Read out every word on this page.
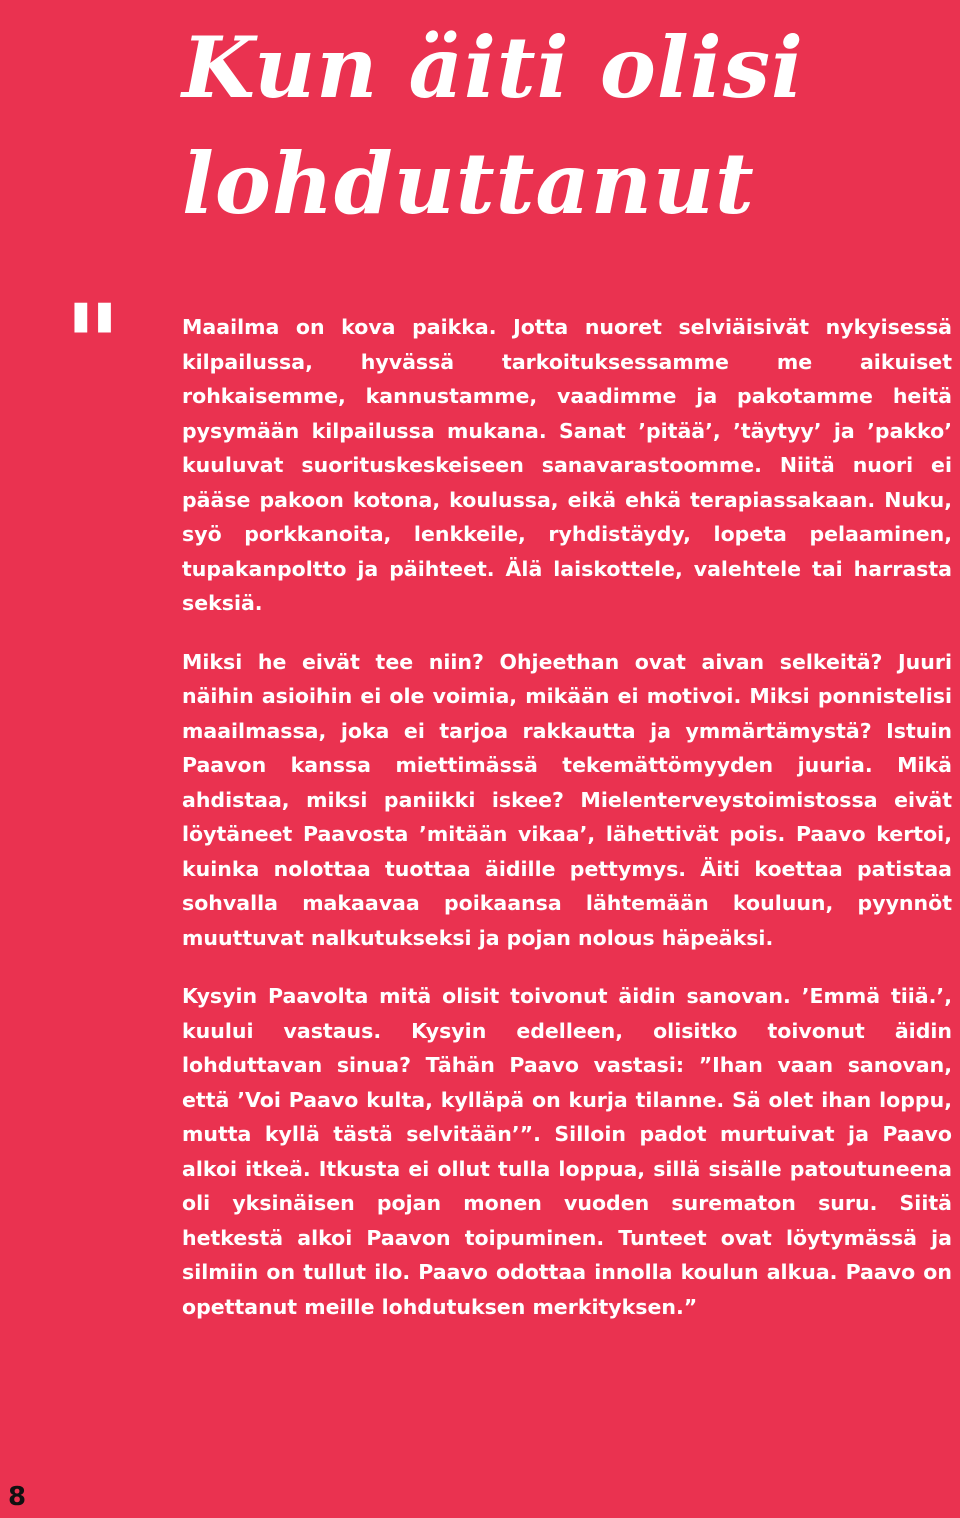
Kun äiti olisi lohduttanut
"	Maailma on kova paikka. Jotta nuoret selviäisivät nykyisessä kilpailussa, hyvässä tarkoituksessamme me aikuiset rohkaisemme, kannustamme, vaadimme ja pakotamme heitä pysymään kilpailussa mukana. Sanat ’pitää’, ’täytyy’ ja ’pakko’ kuuluvat suorituskeskeiseen sanavarastoomme. Niitä nuori ei pääse pakoon kotona, koulussa, eikä ehkä terapiassakaan. Nuku, syö porkkanoita, lenkkeile, ryhdistäydy, lopeta pelaaminen, tupakanpoltto ja päihteet. Älä laiskottele, valehtele tai harrasta seksiä.

Miksi he eivät tee niin? Ohjeethan ovat aivan selkeitä? Juuri näihin asioihin ei ole voimia, mikään ei motivoi. Miksi ponnistelisi maailmassa, joka ei tarjoa rakkautta ja ymmärtämystä? Istuin Paavon kanssa miettimässä tekemättömyyden juuria. Mikä ahdistaa, miksi paniikki iskee? Mielenterveystoimistossa eivät löytäneet Paavosta ’mitään vikaa’, lähettivät pois. Paavo kertoi, kuinka nolottaa tuottaa äidille pettymys. Äiti koettaa patistaa sohvalla makaavaa poikaansa lähtemään kouluun, pyynnöt muuttuvat nalkutukseksi ja pojan nolous häpeäksi.

Kysyin Paavolta mitä olisit toivonut äidin sanovan. ’Emmä tiiä.’, kuului vastaus. Kysyin edelleen, olisitko toivonut äidin lohduttavan sinua? Tähän Paavo vastasi: ”Ihan vaan sanovan, että ’Voi Paavo kulta, kylläpä on kurja tilanne. Sä olet ihan loppu, mutta kyllä tästä selvitään’”. Silloin padot murtuivat ja Paavo alkoi itkeä. Itkusta ei ollut tulla loppua, sillä sisälle patoutuneena oli yksinäisen pojan monen vuoden surematon suru. Siitä hetkestä alkoi Paavon toipuminen. Tunteet ovat löytymässä ja silmiin on tullut ilo. Paavo odottaa innolla koulun alkua. Paavo on opettanut meille lohdutuksen merkityksen.”

8
